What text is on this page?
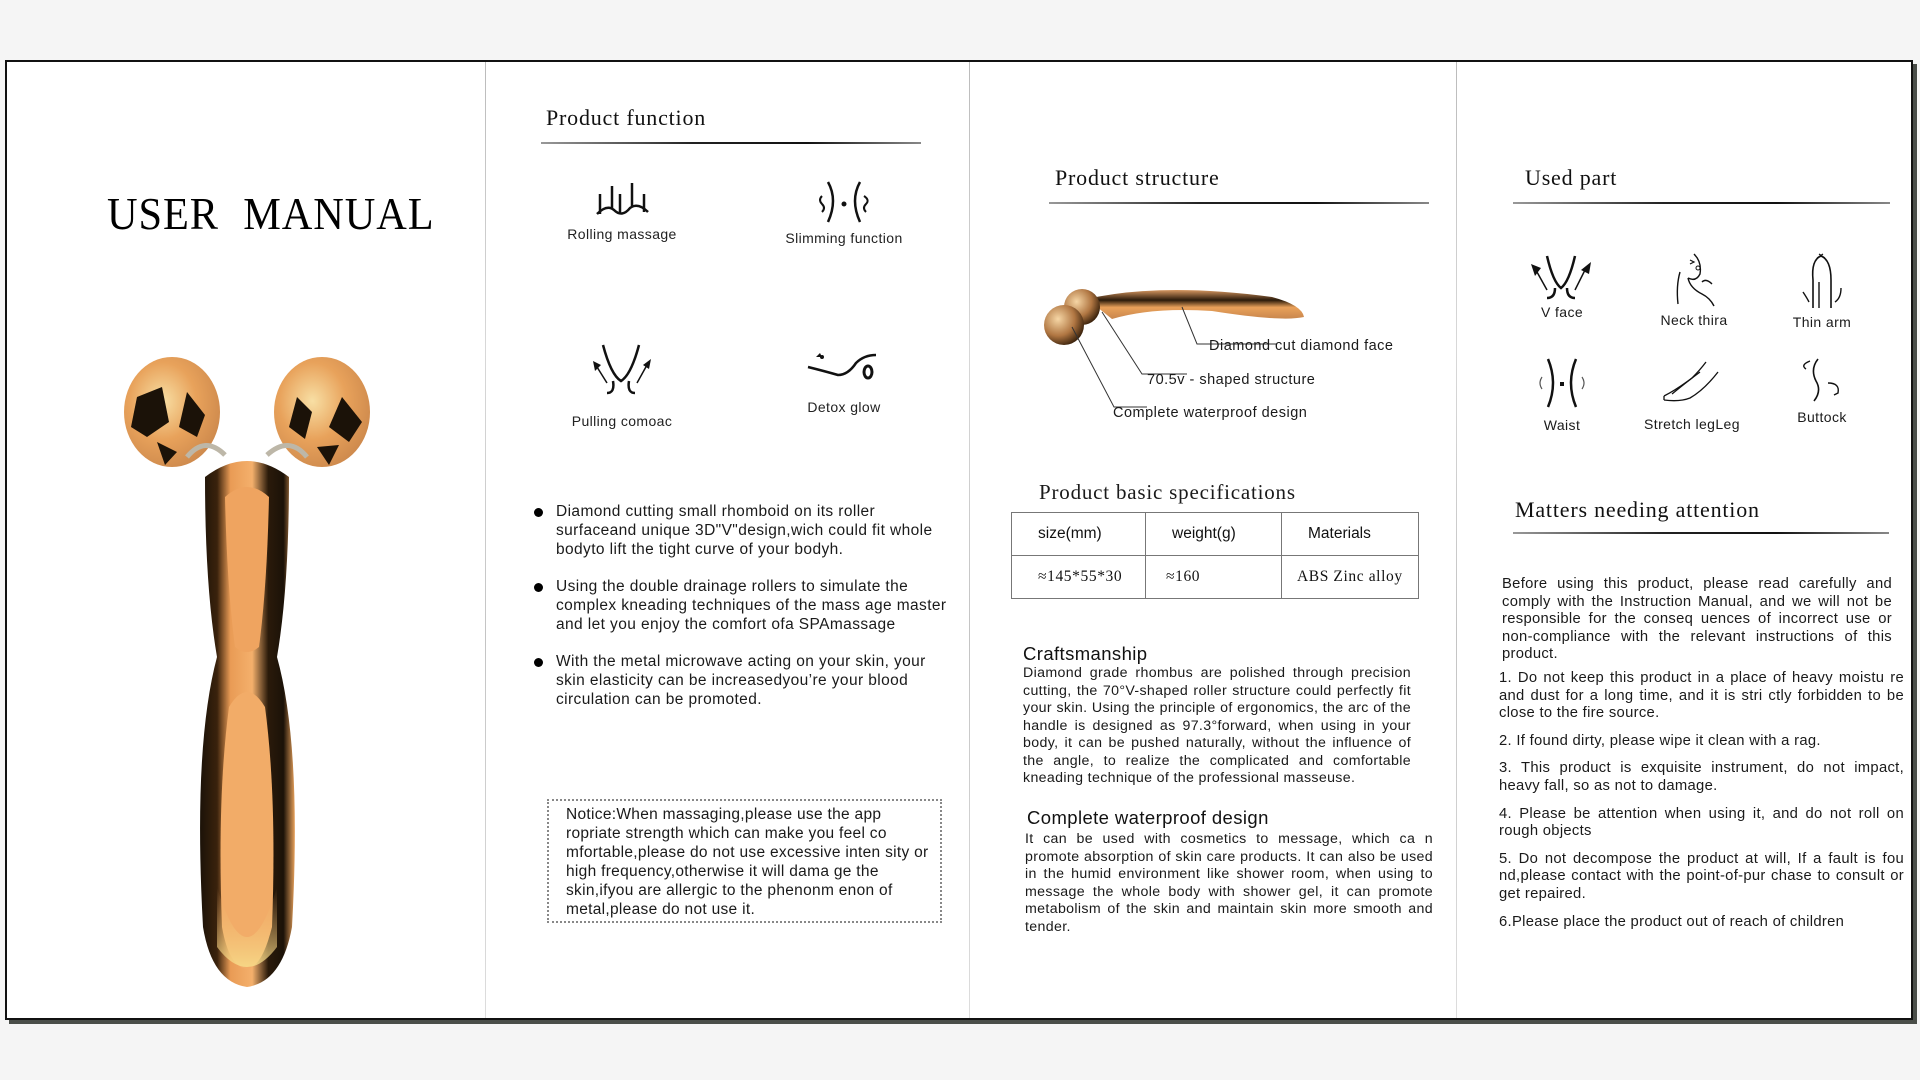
USER MANUAL
Product function
Rolling massage	Slimming function
Pulling comoac
Detox glow
Diamond cutting small rhomboid on its roller surfaceand unique 3D"V"design,wich could fit whole bodyto lift the tight curve of your bodyh.
Using the double drainage rollers to simulate the complex kneading techniques of the mass age master and let you enjoy the comfort ofa SPAmassage
With the metal microwave acting on your skin, your skin elasticity can be increasedyou’re your blood circulation can be promoted.
Notice:When massaging,please use the app ropriate strength which can make you feel co mfortable,please do not use excessive inten sity or high frequency,otherwise it will dama ge the skin,ifyou are allergic to the phenonm enon of metal,please do not use it.
Product structure
Diamond cut diamond face
70.5v - shaped structure
Complete waterproof design
Product basic specifications
size(mm)	weight(g)	Materials
≈145*55*30	≈160	ABS Zinc alloy
Craftsmanship
Diamond grade rhombus are polished through precision cutting, the 70°V-shaped roller structure could perfectly fit your skin. Using the principle of ergonomics, the arc of the handle is designed as 97.3°forward, when using in your body, it can be pushed naturally, without the influence of the angle, to realize the complicated and comfortable kneading technique of the professional masseuse.
Complete waterproof design
It can be used with cosmetics to message, which ca n promote absorption of skin care products. It can also be used in the humid environment like shower room, when using to message the whole body with shower gel, it can promote metabolism of the skin and maintain skin more smooth and tender.
Used part
V face	Neck thira	Thin arm
Waist	Stretch legLeg	Buttock
Matters needing attention
Before using this product, please read carefully and comply with the Instruction Manual, and we will not be responsible for the conseq uences of incorrect use or non-compliance with the relevant instructions of this product.
1. Do not keep this product in a place of heavy moistu re and dust for a long time, and it is stri ctly forbidden to be close to the fire source.
2. If found dirty, please wipe it clean with a rag.
3. This product is exquisite instrument, do not impact, heavy fall, so as not to damage.
4. Please be attention when using it, and do not roll on rough objects
5. Do not decompose the product at will, If a fault is fou nd,please contact with the point-of-pur chase to consult or get repaired.
6.Please place the product out of reach of children
